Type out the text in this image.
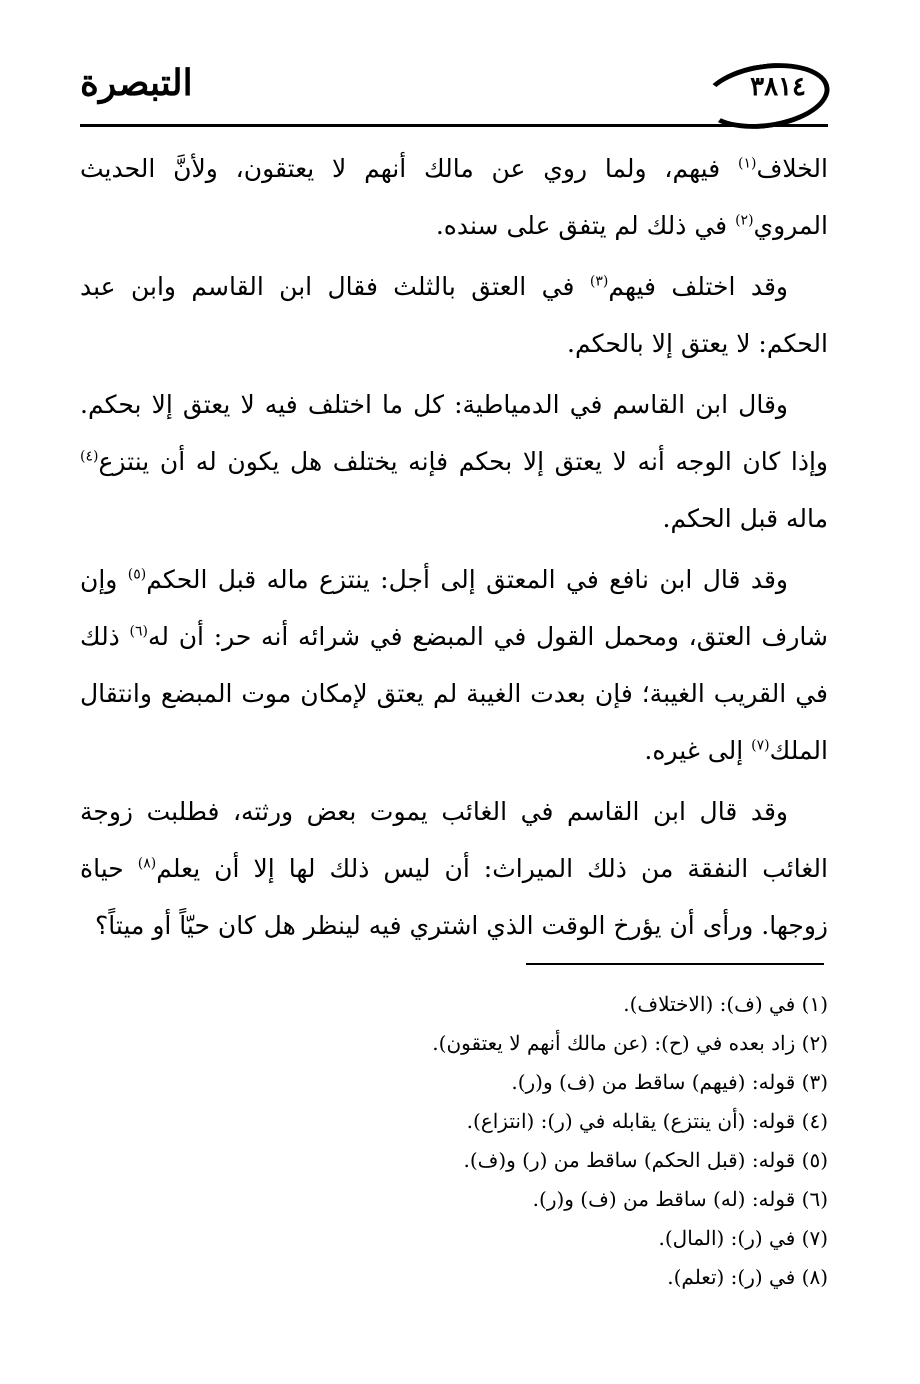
التبصرة	٣٨١٤

الخلاف$^{(١)}$ فيهم، ولما روي عن مالك أنهم لا يعتقون، ولأنَّ الحديث المروي$^{(٢)}$ في ذلك لم يتفق على سنده.

وقد اختلف فيهم$^{(٣)}$ في العتق بالثلث فقال ابن القاسم وابن عبد الحكم: لا يعتق إلا بالحكم.

وقال ابن القاسم في الدمياطية: كل ما اختلف فيه لا يعتق إلا بحكم. وإذا كان الوجه أنه لا يعتق إلا بحكم فإنه يختلف هل يكون له أن ينتزع$^{(٤)}$ ماله قبل الحكم.

وقد قال ابن نافع في المعتق إلى أجل: ينتزع ماله قبل الحكم$^{(٥)}$ وإن شارف العتق، ومحمل القول في المبضع في شرائه أنه حر: أن له$^{(٦)}$ ذلك في القريب الغيبة؛ فإن بعدت الغيبة لم يعتق لإمكان موت المبضع وانتقال الملك$^{(٧)}$ إلى غيره.

وقد قال ابن القاسم في الغائب يموت بعض ورثته، فطلبت زوجة الغائب النفقة من ذلك الميراث: أن ليس ذلك لها إلا أن يعلم$^{(٨)}$ حياة زوجها. ورأى أن يؤرخ الوقت الذي اشتري فيه لينظر هل كان حيّاً أو ميتاً؟

(١) في (ف): (الاختلاف).

(٢) زاد بعده في (ح): (عن مالك أنهم لا يعتقون).

(٣) قوله: (فيهم) ساقط من (ف) و(ر).

(٤) قوله: (أن ينتزع) يقابله في (ر): (انتزاع).

(٥) قوله: (قبل الحكم) ساقط من (ر) و(ف).

(٦) قوله: (له) ساقط من (ف) و(ر).

(٧) في (ر): (المال).

(٨) في (ر): (تعلم).
